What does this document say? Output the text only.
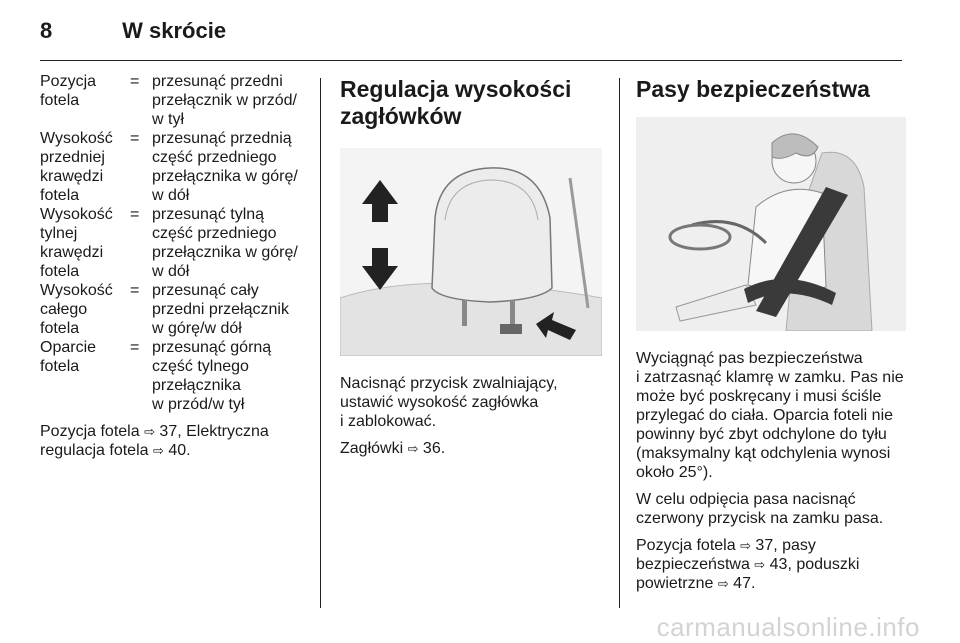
8	W skrócie
Pozycja
fotela
= przesunąć przedni
przełącznik w przód/
w tył
Wysokość
przedniej
krawędzi
fotela
= przesunąć przednią
część przedniego
przełącznika w górę/
w dół
Wysokość
tylnej
krawędzi
fotela
= przesunąć tylną
część przedniego
przełącznika w górę/
w dół
Wysokość
całego
fotela
= przesunąć cały
przedni przełącznik
w górę/w dół
Oparcie
fotela
= przesunąć górną
część tylnego
przełącznika
w przód/w tył

Pozycja fotela ⇨ 37, Elektryczna
regulacja fotela ⇨ 40.

Regulacja wysokości
zagłówków

Nacisnąć przycisk zwalniający,
ustawić wysokość zagłówka
i zablokować.

Zagłówki ⇨ 36.

Pasy bezpieczeństwa

Wyciągnąć pas bezpieczeństwa
i zatrzasnąć klamrę w zamku. Pas nie
może być poskręcany i musi ściśle
przylegać do ciała. Oparcia foteli nie
powinny być zbyt odchylone do tyłu
(maksymalny kąt odchylenia wynosi
około 25°).

W celu odpięcia pasa nacisnąć
czerwony przycisk na zamku pasa.

Pozycja fotela ⇨ 37, pasy
bezpieczeństwa ⇨ 43, poduszki
powietrzne ⇨ 47.

carmanualsonline.info
